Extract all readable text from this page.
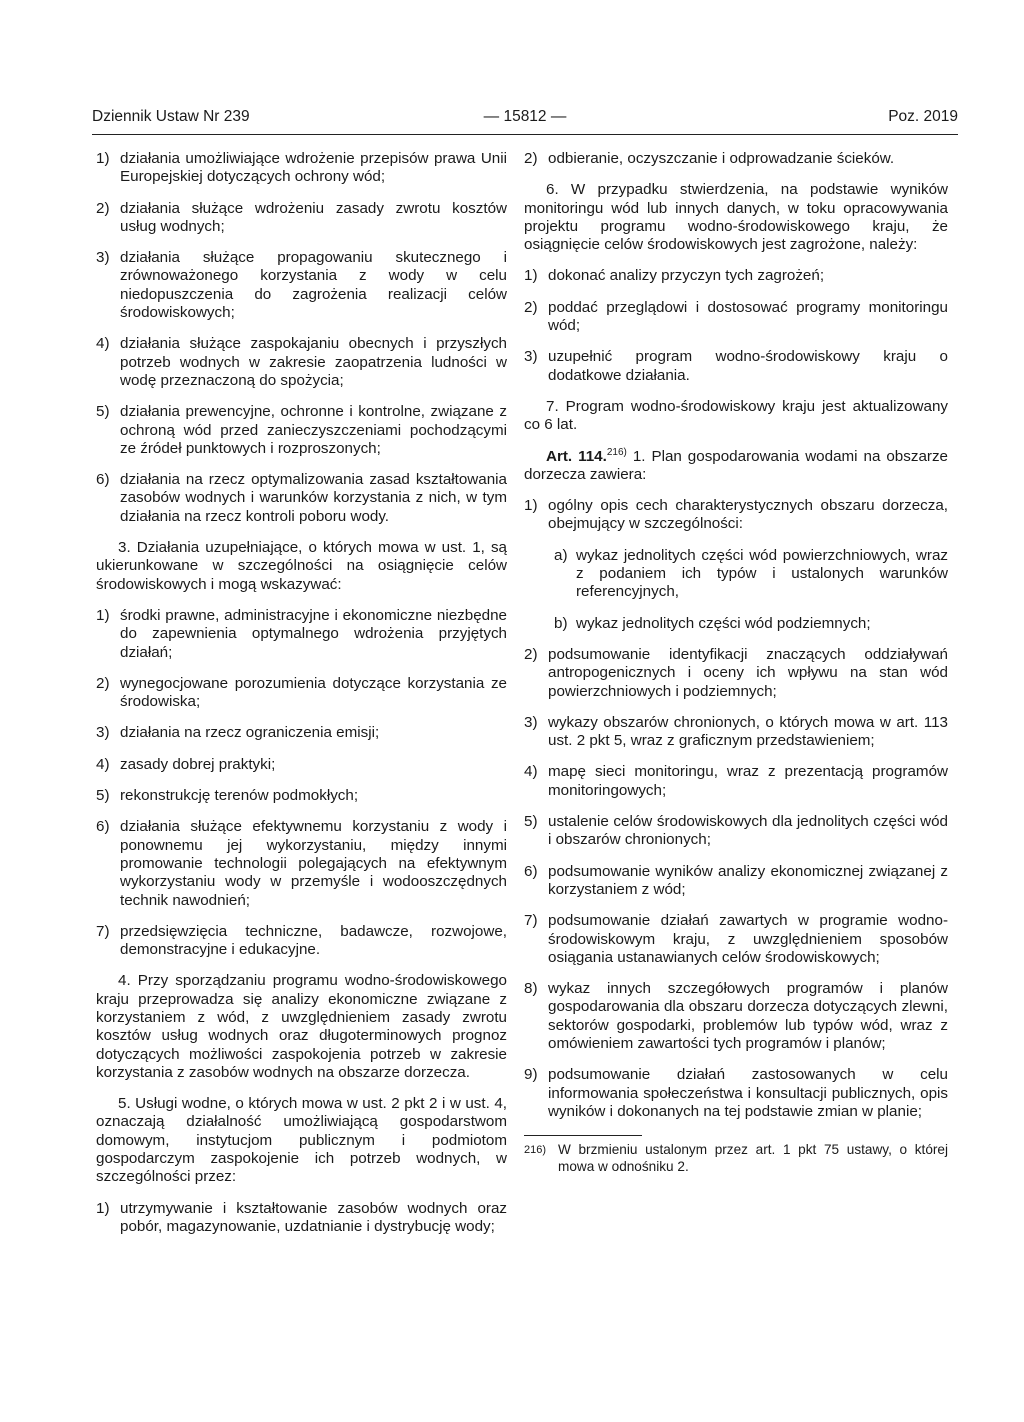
Dziennik Ustaw Nr 239	— 15812 —	Poz. 2019
1) działania umożliwiające wdrożenie przepisów prawa Unii Europejskiej dotyczących ochrony wód;
2) działania służące wdrożeniu zasady zwrotu kosztów usług wodnych;
3) działania służące propagowaniu skutecznego i zrównoważonego korzystania z wody w celu niedopuszczenia do zagrożenia realizacji celów środowiskowych;
4) działania służące zaspokajaniu obecnych i przyszłych potrzeb wodnych w zakresie zaopatrzenia ludności w wodę przeznaczoną do spożycia;
5) działania prewencyjne, ochronne i kontrolne, związane z ochroną wód przed zanieczyszczeniami pochodzącymi ze źródeł punktowych i rozproszonych;
6) działania na rzecz optymalizowania zasad kształtowania zasobów wodnych i warunków korzystania z nich, w tym działania na rzecz kontroli poboru wody.

3. Działania uzupełniające, o których mowa w ust. 1, są ukierunkowane w szczególności na osiągnięcie celów środowiskowych i mogą wskazywać:

1) środki prawne, administracyjne i ekonomiczne niezbędne do zapewnienia optymalnego wdrożenia przyjętych działań;
2) wynegocjowane porozumienia dotyczące korzystania ze środowiska;
3) działania na rzecz ograniczenia emisji;
4) zasady dobrej praktyki;
5) rekonstrukcję terenów podmokłych;
6) działania służące efektywnemu korzystaniu z wody i ponownemu jej wykorzystaniu, między innymi promowanie technologii polegających na efektywnym wykorzystaniu wody w przemyśle i wodooszczędnych technik nawodnień;
7) przedsięwzięcia techniczne, badawcze, rozwojowe, demonstracyjne i edukacyjne.

4. Przy sporządzaniu programu wodno-środowiskowego kraju przeprowadza się analizy ekonomiczne związane z korzystaniem z wód, z uwzględnieniem zasady zwrotu kosztów usług wodnych oraz długoterminowych prognoz dotyczących możliwości zaspokojenia potrzeb w zakresie korzystania z zasobów wodnych na obszarze dorzecza.

5. Usługi wodne, o których mowa w ust. 2 pkt 2 i w ust. 4, oznaczają działalność umożliwiającą gospodarstwom domowym, instytucjom publicznym i podmiotom gospodarczym zaspokojenie ich potrzeb wodnych, w szczególności przez:

1) utrzymywanie i kształtowanie zasobów wodnych oraz pobór, magazynowanie, uzdatnianie i dystrybucję wody;
2) odbieranie, oczyszczanie i odprowadzanie ścieków.

6. W przypadku stwierdzenia, na podstawie wyników monitoringu wód lub innych danych, w toku opracowywania projektu programu wodno-środowiskowego kraju, że osiągnięcie celów środowiskowych jest zagrożone, należy:

1) dokonać analizy przyczyn tych zagrożeń;
2) poddać przeglądowi i dostosować programy monitoringu wód;
3) uzupełnić program wodno-środowiskowy kraju o dodatkowe działania.

7. Program wodno-środowiskowy kraju jest aktualizowany co 6 lat.

Art. 114.$^{216)}$ 1. Plan gospodarowania wodami na obszarze dorzecza zawiera:

1) ogólny opis cech charakterystycznych obszaru dorzecza, obejmujący w szczególności:
a) wykaz jednolitych części wód powierzchniowych, wraz z podaniem ich typów i ustalonych warunków referencyjnych,
b) wykaz jednolitych części wód podziemnych;
2) podsumowanie identyfikacji znaczących oddziaływań antropogenicznych i oceny ich wpływu na stan wód powierzchniowych i podziemnych;
3) wykazy obszarów chronionych, o których mowa w art. 113 ust. 2 pkt 5, wraz z graficznym przedstawieniem;
4) mapę sieci monitoringu, wraz z prezentacją programów monitoringowych;
5) ustalenie celów środowiskowych dla jednolitych części wód i obszarów chronionych;
6) podsumowanie wyników analizy ekonomicznej związanej z korzystaniem z wód;
7) podsumowanie działań zawartych w programie wodno-środowiskowym kraju, z uwzględnieniem sposobów osiągania ustanawianych celów środowiskowych;
8) wykaz innych szczegółowych programów i planów gospodarowania dla obszaru dorzecza dotyczących zlewni, sektorów gospodarki, problemów lub typów wód, wraz z omówieniem zawartości tych programów i planów;
9) podsumowanie działań zastosowanych w celu informowania społeczeństwa i konsultacji publicznych, opis wyników i dokonanych na tej podstawie zmian w planie;
216) W brzmieniu ustalonym przez art. 1 pkt 75 ustawy, o której mowa w odnośniku 2.
